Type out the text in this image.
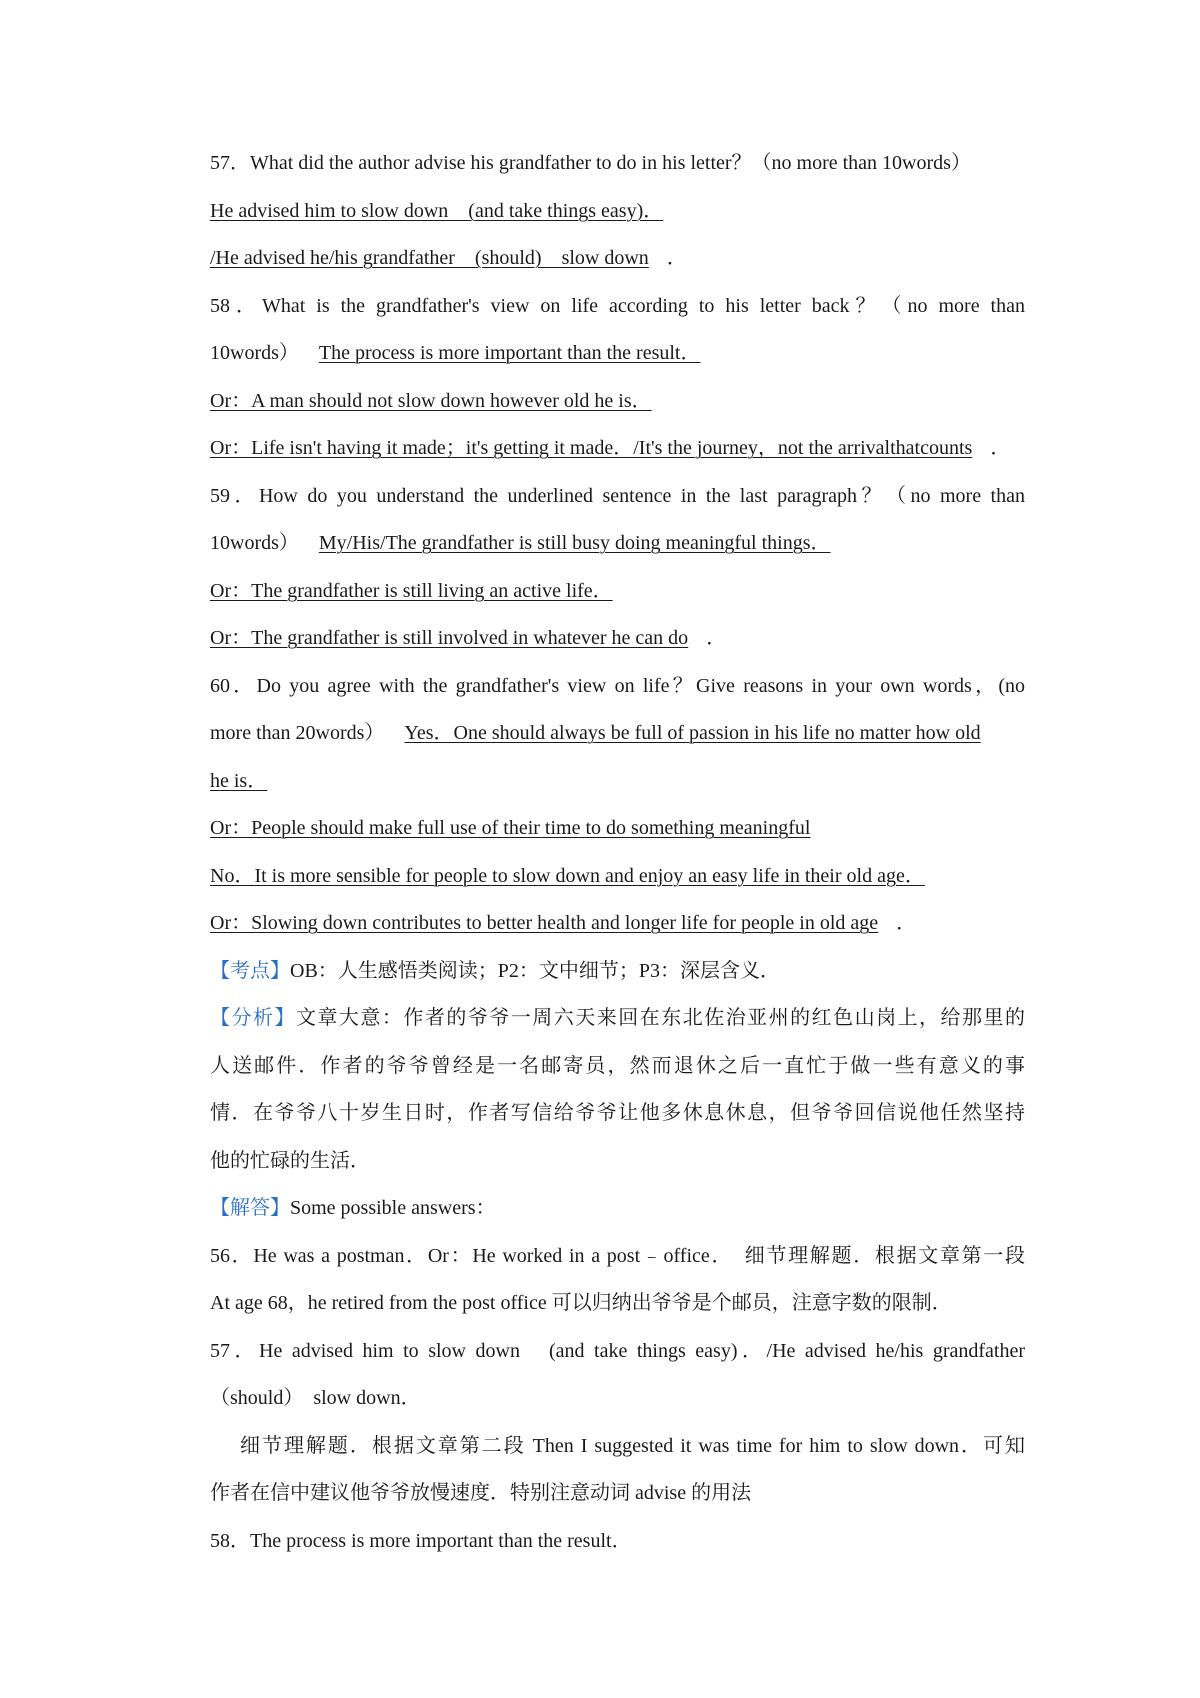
57．What did the author advise his grandfather to do in his letter？（no more than 10words）
He advised him to slow down　(and take things easy)．
/He advised he/his grandfather　(should)　slow down ．
58．What is the grandfather's view on life according to his letter back？（no more than
10words） The process is more important than the result．
Or：A man should not slow down however old he is．
Or：Life isn't having it made；it's getting it made．/It's the journey，not the arrivalthatcounts ．
59．How do you understand the underlined sentence in the last paragraph？（no more than
10words） My/His/The grandfather is still busy doing meaningful things．
Or：The grandfather is still living an active life．
Or：The grandfather is still involved in whatever he can do ．
60．Do you agree with the grandfather's view on life？Give reasons in your own words，(no
more than 20words） Yes．One should always be full of passion in his life no matter how old
he is．
Or：People should make full use of their time to do something meaningful
No．It is more sensible for people to slow down and enjoy an easy life in their old age．
Or：Slowing down contributes to better health and longer life for people in old age ．
【考点】OB：人生感悟类阅读；P2：文中细节；P3：深层含义．
【分析】文章大意：作者的爷爷一周六天来回在东北佐治亚州的红色山岗上，给那里的
人送邮件．作者的爷爷曾经是一名邮寄员，然而退休之后一直忙于做一些有意义的事
情．在爷爷八十岁生日时，作者写信给爷爷让他多休息休息，但爷爷回信说他任然坚持
他的忙碌的生活．
【解答】Some possible answers：
56．He was a postman．Or：He worked in a post﹣office．　细节理解题．根据文章第一段
At age 68，he retired from the post office 可以归纳出爷爷是个邮员，注意字数的限制．
57．He advised him to slow down　(and take things easy)．/He advised he/his grandfather
（should）　slow down．
细节理解题．根据文章第二段 Then I suggested it was time for him to slow down．可知
作者在信中建议他爷爷放慢速度．特别注意动词 advise 的用法
58．The process is more important than the result．
